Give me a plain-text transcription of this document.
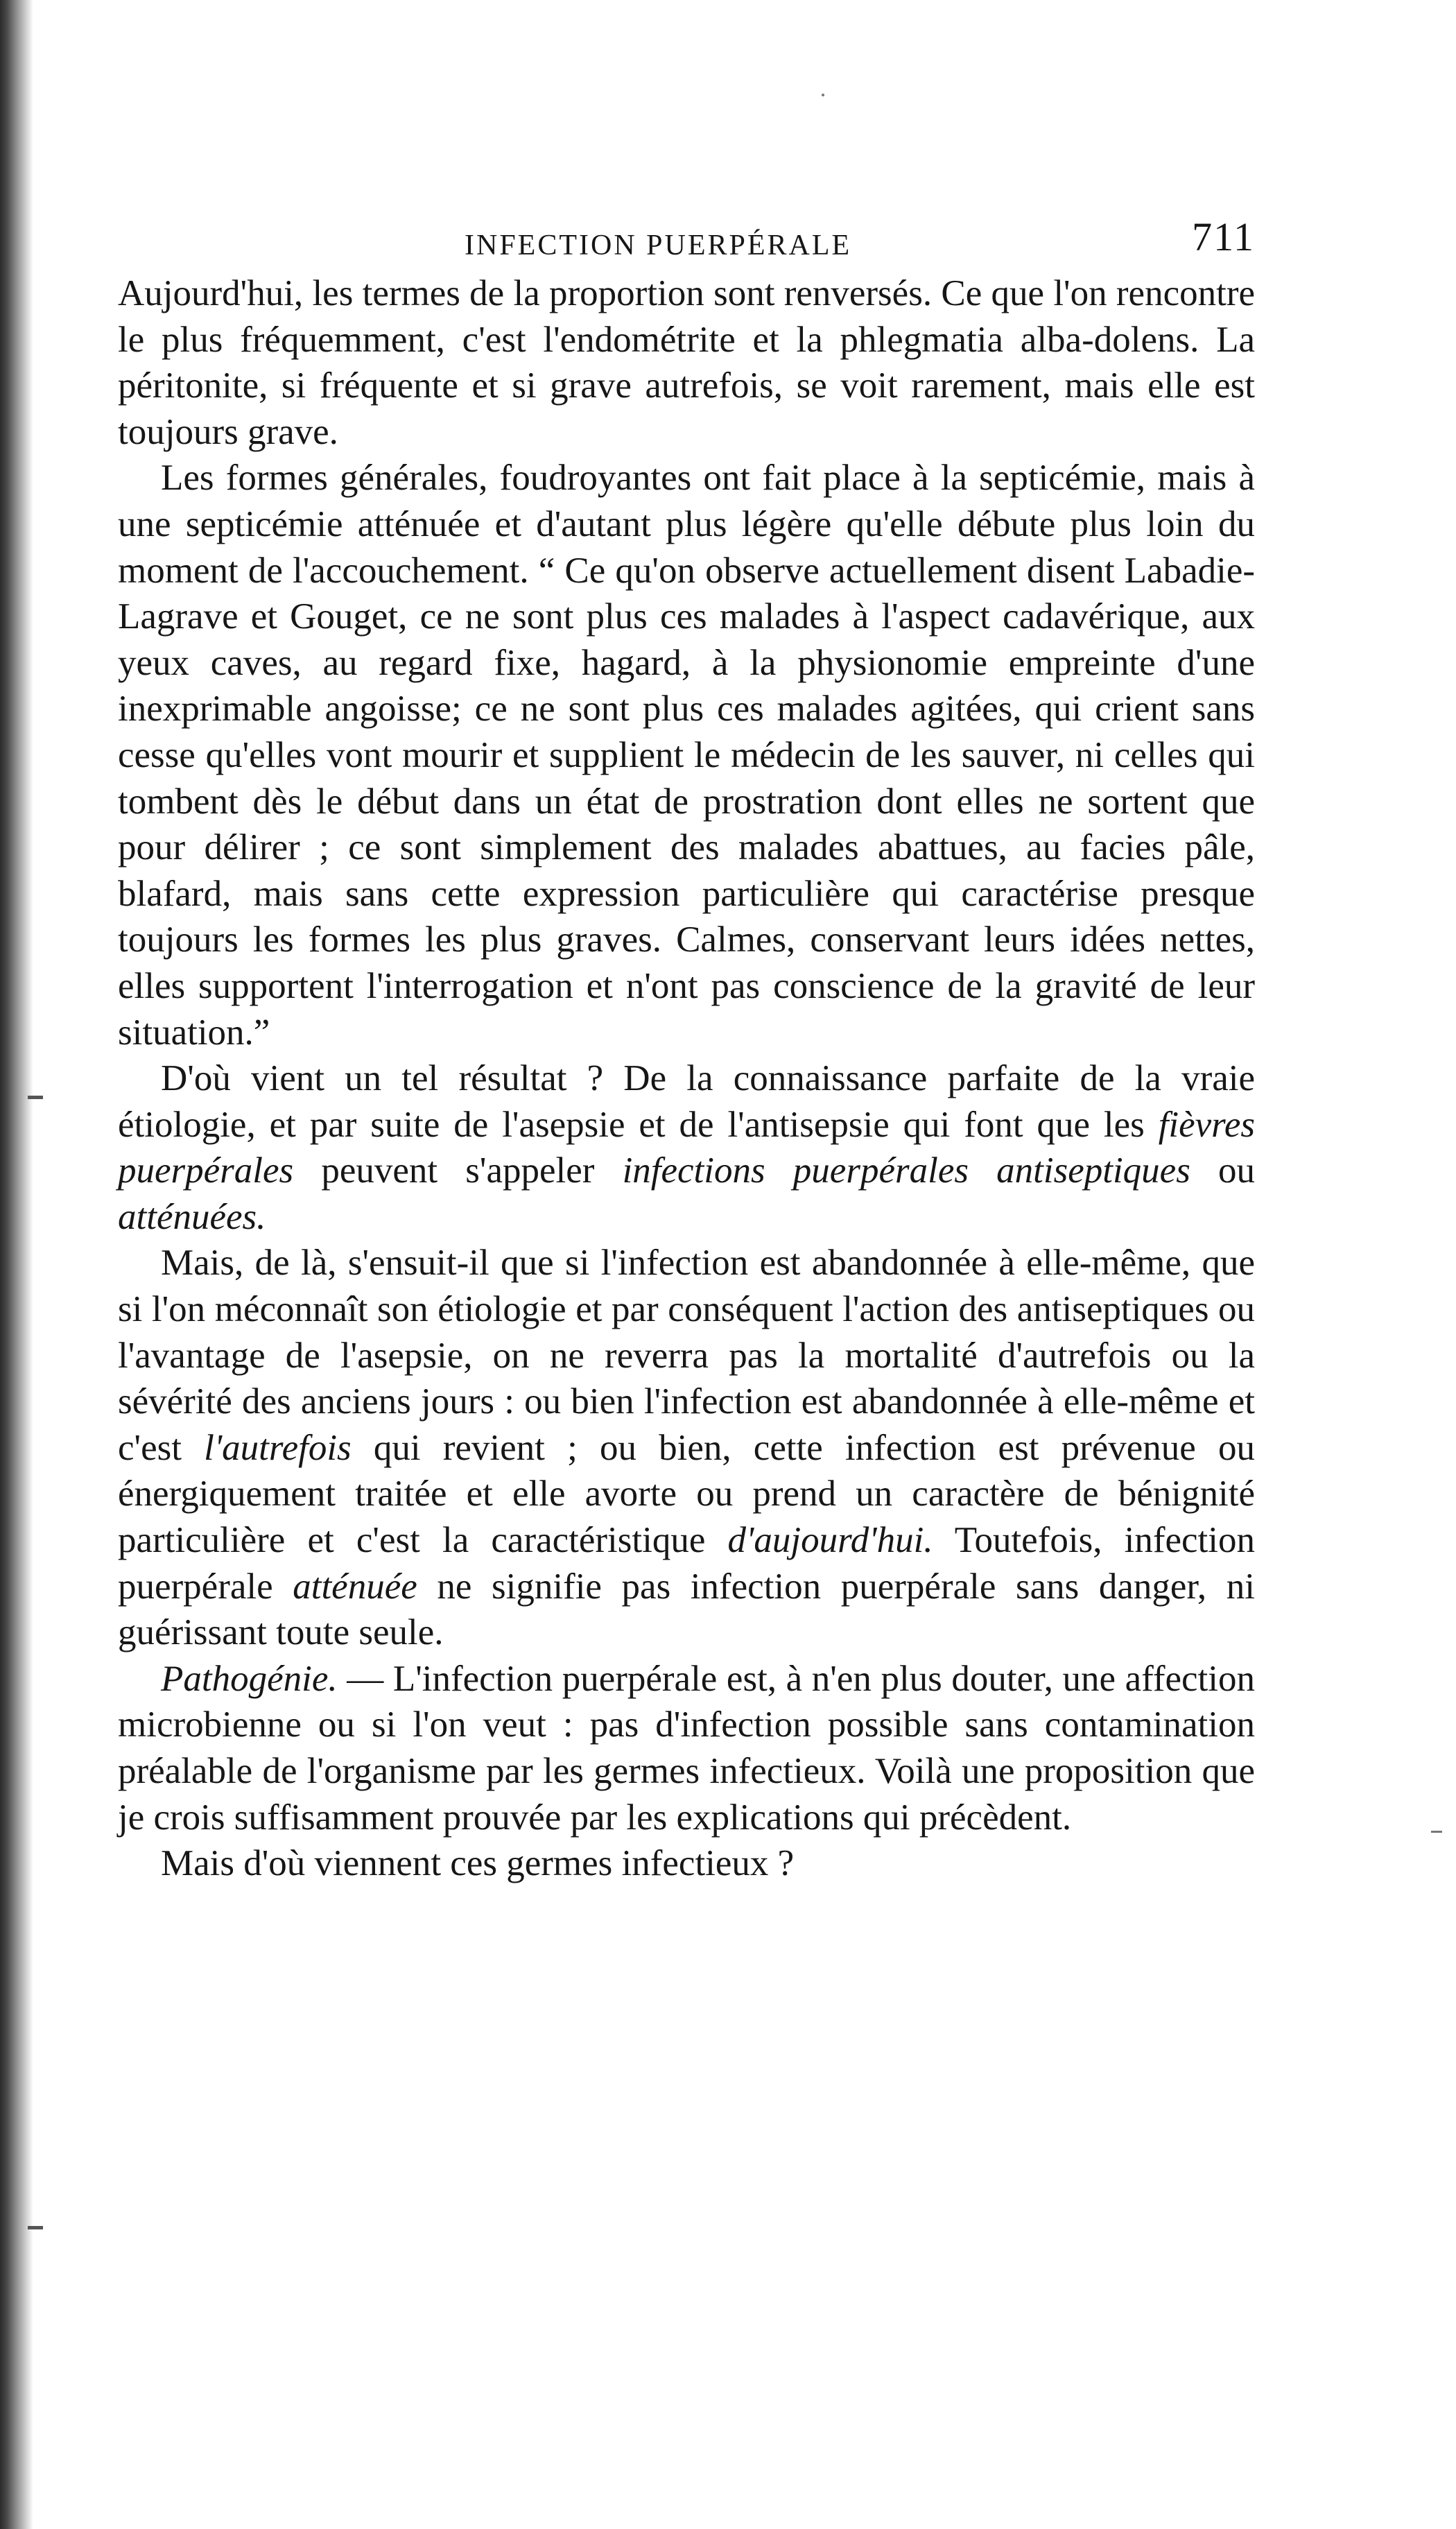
INFECTION PUERPÉRALE	711

Aujourd'hui, les termes de la proportion sont renversés. Ce que l'on rencontre le plus fréquemment, c'est l'endométrite et la phlegmatia alba-dolens. La péritonite, si fréquente et si grave autrefois, se voit rarement, mais elle est toujours grave.

Les formes générales, foudroyantes ont fait place à la septicémie, mais à une septicémie atténuée et d'autant plus légère qu'elle débute plus loin du moment de l'accouchement. “ Ce qu'on observe actuellement disent Labadie-Lagrave et Gouget, ce ne sont plus ces malades à l'aspect cadavérique, aux yeux caves, au regard fixe, hagard, à la physionomie empreinte d'une inexprimable angoisse; ce ne sont plus ces malades agitées, qui crient sans cesse qu'elles vont mourir et supplient le médecin de les sauver, ni celles qui tombent dès le début dans un état de prostration dont elles ne sortent que pour délirer ; ce sont simplement des malades abattues, au facies pâle, blafard, mais sans cette expression particulière qui caractérise presque toujours les formes les plus graves. Calmes, conservant leurs idées nettes, elles supportent l'interrogation et n'ont pas conscience de la gravité de leur situation.”

D'où vient un tel résultat ? De la connaissance parfaite de la vraie étiologie, et par suite de l'asepsie et de l'antisepsie qui font que les fièvres puerpérales peuvent s'appeler infections puerpérales antiseptiques ou atténuées.

Mais, de là, s'ensuit-il que si l'infection est abandonnée à elle-même, que si l'on méconnaît son étiologie et par conséquent l'action des antiseptiques ou l'avantage de l'asepsie, on ne reverra pas la mortalité d'autrefois ou la sévérité des anciens jours : ou bien l'infection est abandonnée à elle-même et c'est l'autrefois qui revient ; ou bien, cette infection est prévenue ou énergiquement traitée et elle avorte ou prend un caractère de bénignité particulière et c'est la caractéristique d'aujourd'hui. Toutefois, infection puerpérale atténuée ne signifie pas infection puerpérale sans danger, ni guérissant toute seule.

Pathogénie. — L'infection puerpérale est, à n'en plus douter, une affection microbienne ou si l'on veut : pas d'infection possible sans contamination préalable de l'organisme par les germes infectieux. Voilà une proposition que je crois suffisamment prouvée par les explications qui précèdent.

Mais d'où viennent ces germes infectieux ?
